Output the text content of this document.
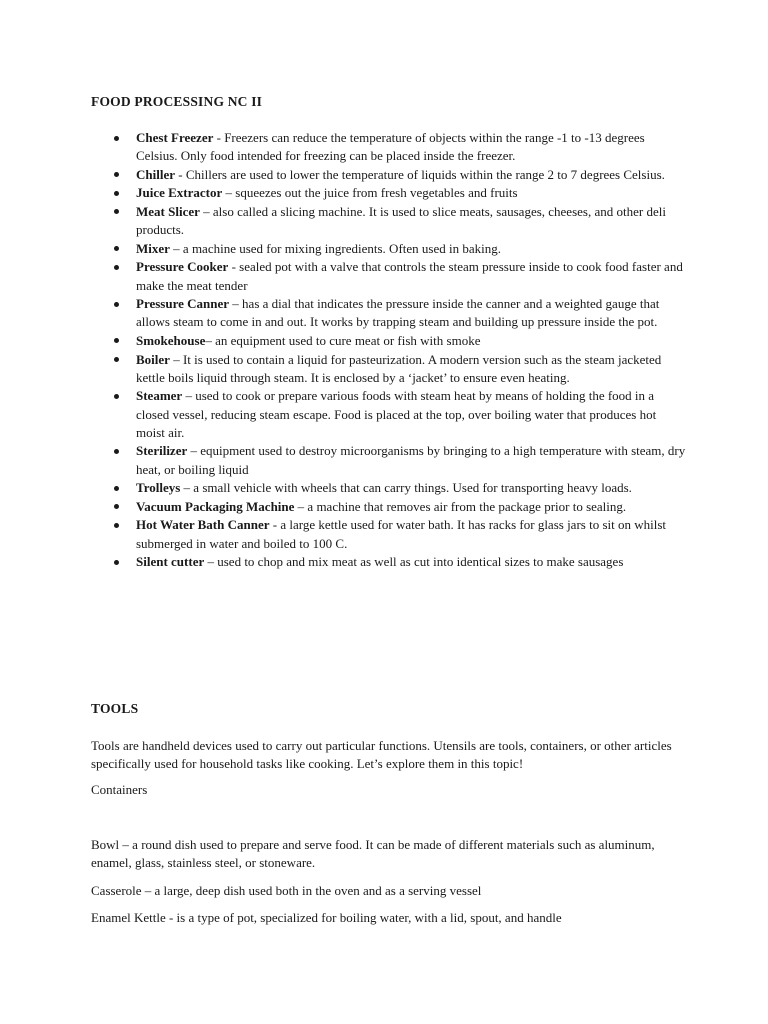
FOOD PROCESSING NC II
Chest Freezer - Freezers can reduce the temperature of objects within the range -1 to -13 degrees Celsius. Only food intended for freezing can be placed inside the freezer.
Chiller - Chillers are used to lower the temperature of liquids within the range 2 to 7 degrees Celsius.
Juice Extractor – squeezes out the juice from fresh vegetables and fruits
Meat Slicer – also called a slicing machine. It is used to slice meats, sausages, cheeses, and other deli products.
Mixer – a machine used for mixing ingredients. Often used in baking.
Pressure Cooker - sealed pot with a valve that controls the steam pressure inside to cook food faster and make the meat tender
Pressure Canner – has a dial that indicates the pressure inside the canner and a weighted gauge that allows steam to come in and out. It works by trapping steam and building up pressure inside the pot.
Smokehouse– an equipment used to cure meat or fish with smoke
Boiler – It is used to contain a liquid for pasteurization. A modern version such as the steam jacketed kettle boils liquid through steam. It is enclosed by a ‘jacket’ to ensure even heating.
Steamer – used to cook or prepare various foods with steam heat by means of holding the food in a closed vessel, reducing steam escape. Food is placed at the top, over boiling water that produces hot moist air.
Sterilizer – equipment used to destroy microorganisms by bringing to a high temperature with steam, dry heat, or boiling liquid
Trolleys – a small vehicle with wheels that can carry things. Used for transporting heavy loads.
Vacuum Packaging Machine – a machine that removes air from the package prior to sealing.
Hot Water Bath Canner - a large kettle used for water bath. It has racks for glass jars to sit on whilst submerged in water and boiled to 100 C.
Silent cutter – used to chop and mix meat as well as cut into identical sizes to make sausages
TOOLS

Tools are handheld devices used to carry out particular functions. Utensils are tools, containers, or other articles specifically used for household tasks like cooking. Let’s explore them in this topic!

Containers

Bowl – a round dish used to prepare and serve food. It can be made of different materials such as aluminum, enamel, glass, stainless steel, or stoneware.

Casserole – a large, deep dish used both in the oven and as a serving vessel

Enamel Kettle - is a type of pot, specialized for boiling water, with a lid, spout, and handle
